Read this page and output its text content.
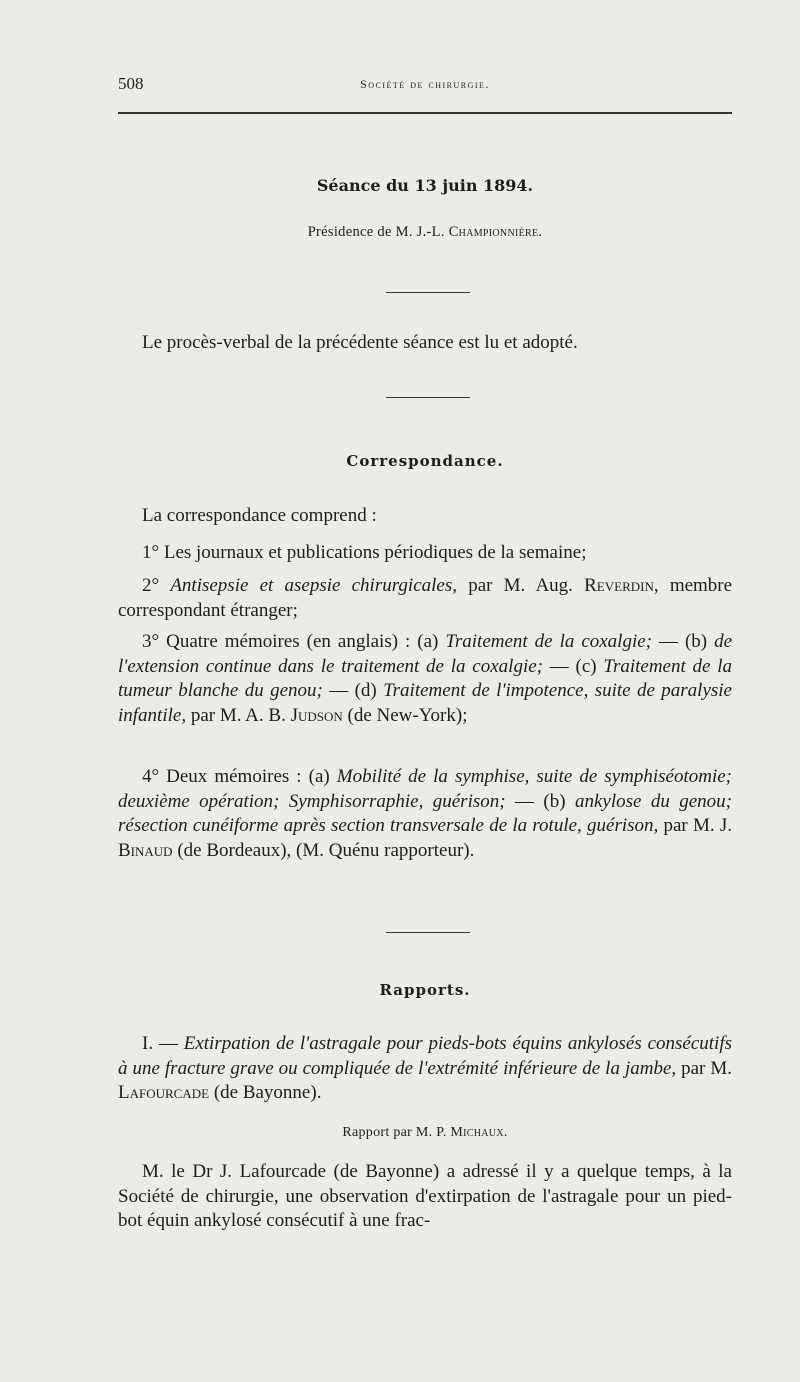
508	Société de chirurgie.
Séance du 13 juin 1894.
Présidence de M. J.-L. Championnière.

Le procès-verbal de la précédente séance est lu et adopté.

Correspondance.

La correspondance comprend :

1° Les journaux et publications périodiques de la semaine;

2° Antisepsie et asepsie chirurgicales, par M. Aug. Reverdin, membre correspondant étranger;

3° Quatre mémoires (en anglais) : (a) Traitement de la coxalgie; — (b) de l'extension continue dans le traitement de la coxalgie; — (c) Traitement de la tumeur blanche du genou; — (d) Traitement de l'impotence, suite de paralysie infantile, par M. A. B. Judson (de New-York);

4° Deux mémoires : (a) Mobilité de la symphise, suite de symphiséotomie; deuxième opération; Symphisorraphie, guérison; — (b) ankylose du genou; résection cunéiforme après section transversale de la rotule, guérison, par M. J. Binaud (de Bordeaux), (M. Quénu rapporteur).

Rapports.

I. — Extirpation de l'astragale pour pieds-bots équins ankylosés consécutifs à une fracture grave ou compliquée de l'extrémité inférieure de la jambe, par M. Lafourcade (de Bayonne).

Rapport par M. P. Michaux.

M. le Dr J. Lafourcade (de Bayonne) a adressé il y a quelque temps, à la Société de chirurgie, une observation d'extirpation de l'astragale pour un pied-bot équin ankylosé consécutif à une frac-
